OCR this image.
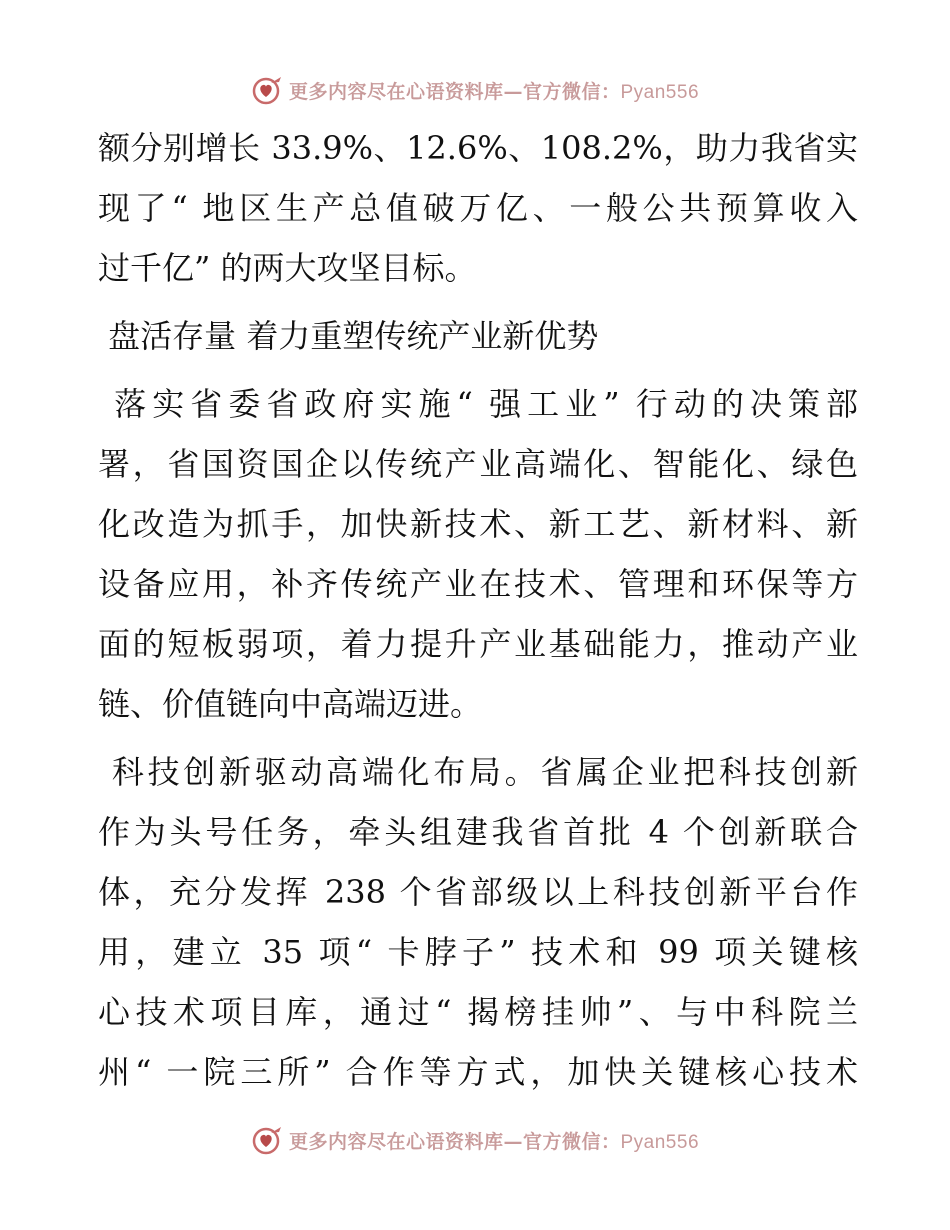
更多内容尽在心语资料库—官方微信：Pyan556

额分别增长 33.9%、12.6%、108.2%，助力我省实
现了“ 地区生产总值破万亿、一般公共预算收入
过千亿” 的两大攻坚目标。

盘活存量 着力重塑传统产业新优势

落实省委省政府实施“ 强工业” 行动的决策部
署，省国资国企以传统产业高端化、智能化、绿色
化改造为抓手，加快新技术、新工艺、新材料、新
设备应用，补齐传统产业在技术、管理和环保等方
面的短板弱项，着力提升产业基础能力，推动产业
链、价值链向中高端迈进。

科技创新驱动高端化布局。省属企业把科技创新
作为头号任务，牵头组建我省首批 4 个创新联合
体，充分发挥 238 个省部级以上科技创新平台作
用，建立 35 项“ 卡脖子” 技术和 99 项关键核
心技术项目库，通过“ 揭榜挂帅”、与中科院兰
州“ 一院三所” 合作等方式，加快关键核心技术

更多内容尽在心语资料库—官方微信：Pyan556
